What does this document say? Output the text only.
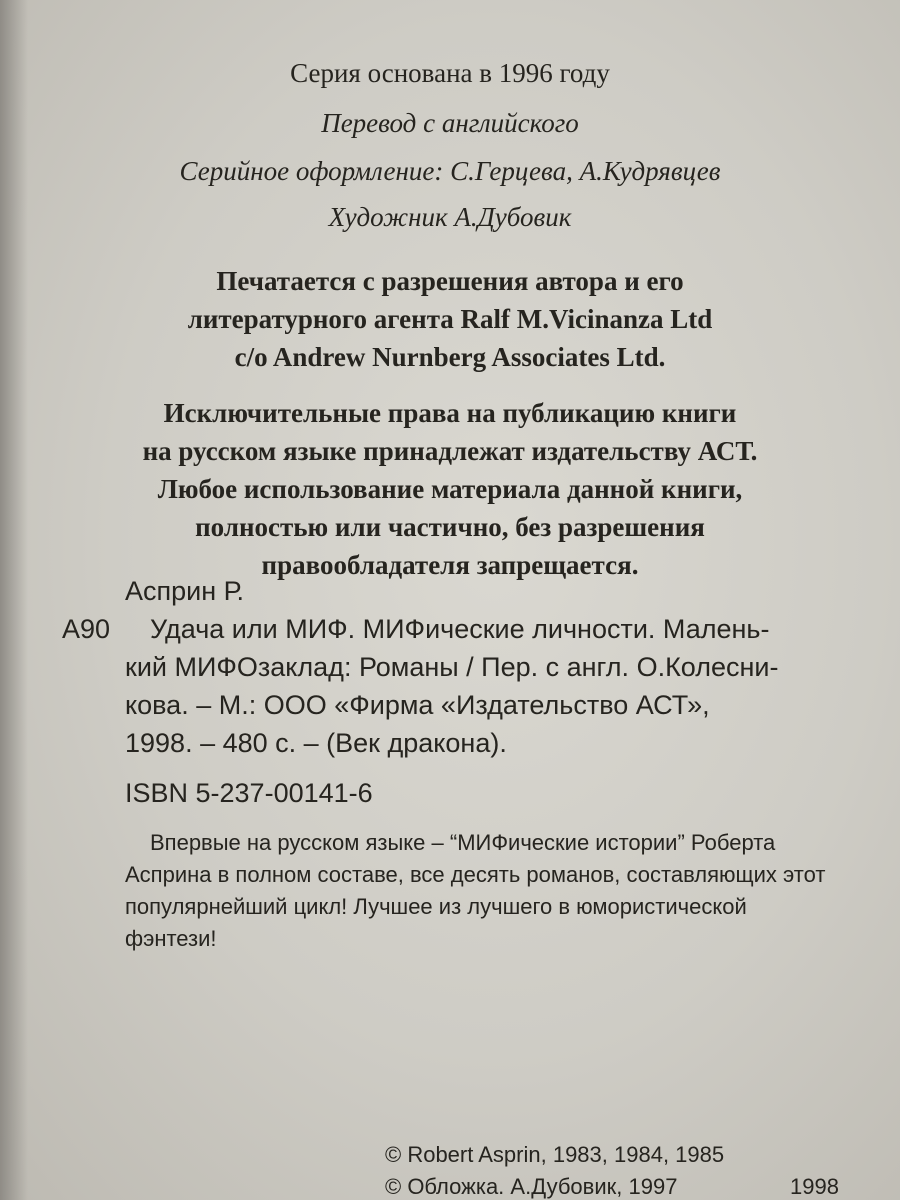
Серия основана в 1996 году
Перевод с английского
Серийное оформление: С.Герцева, А.Кудрявцев
Художник А.Дубовик
Печатается с разрешения автора и его
литературного агента Ralf M.Vicinanza Ltd
c/o Andrew Nurnberg Associates Ltd.
Исключительные права на публикацию книги
на русском языке принадлежат издательству АСТ.
Любое использование материала данной книги,
полностью или частично, без разрешения
правообладателя запрещается.
Асприн Р.
А90 Удача или МИФ. МИФические личности. Малень-
кий МИФОзаклад: Романы / Пер. с англ. О.Колесни-
кова. – М.: ООО «Фирма «Издательство АСТ»,
1998. – 480 с. – (Век дракона).
ISBN 5-237-00141-6
Впервые на русском языке – “МИФические истории” Роберта
Асприна в полном составе, все десять романов, составляющих этот
популярнейший цикл! Лучшее из лучшего в юмористической
фэнтези!
© Robert Asprin, 1983, 1984, 1985
© Обложка. А.Дубовик, 1997	1998
